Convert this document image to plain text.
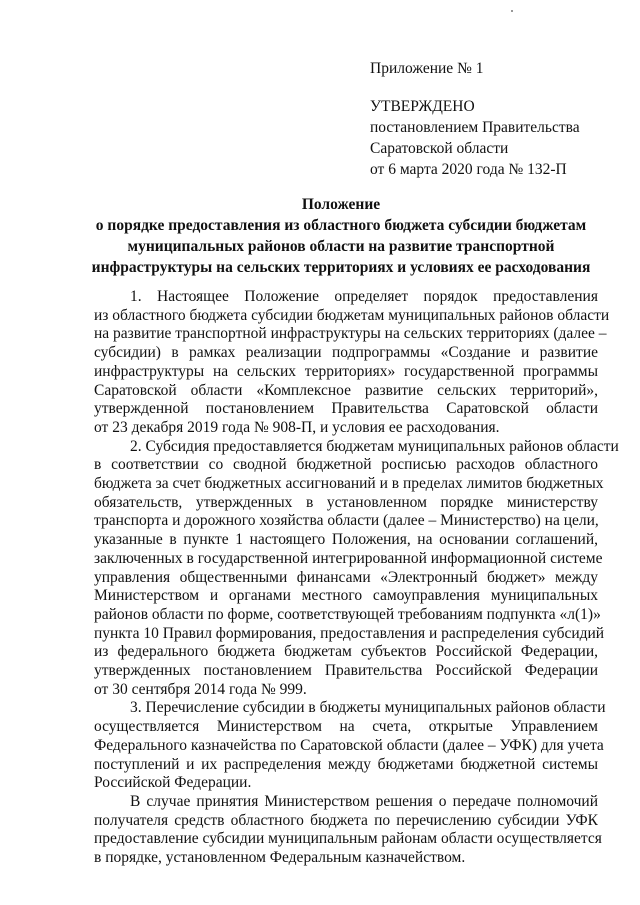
Приложение № 1
УТВЕРЖДЕНО
постановлением Правительства
Саратовской области
от 6 марта 2020 года № 132-П
Положение
о порядке предоставления из областного бюджета субсидии бюджетам
муниципальных районов области на развитие транспортной
инфраструктуры на сельских территориях и условиях ее расходования
1. Настоящее Положение определяет порядок предоставления
из областного бюджета субсидии бюджетам муниципальных районов области
на развитие транспортной инфраструктуры на сельских территориях (далее –
субсидии) в рамках реализации подпрограммы «Создание и развитие
инфраструктуры на сельских территориях» государственной программы
Саратовской области «Комплексное развитие сельских территорий»,
утвержденной постановлением Правительства Саратовской области
от 23 декабря 2019 года № 908-П, и условия ее расходования.
2. Субсидия предоставляется бюджетам муниципальных районов области
в соответствии со сводной бюджетной росписью расходов областного
бюджета за счет бюджетных ассигнований и в пределах лимитов бюджетных
обязательств, утвержденных в установленном порядке министерству
транспорта и дорожного хозяйства области (далее – Министерство) на цели,
указанные в пункте 1 настоящего Положения, на основании соглашений,
заключенных в государственной интегрированной информационной системе
управления общественными финансами «Электронный бюджет» между
Министерством и органами местного самоуправления муниципальных
районов области по форме, соответствующей требованиям подпункта «л(1)»
пункта 10 Правил формирования, предоставления и распределения субсидий
из федерального бюджета бюджетам субъектов Российской Федерации,
утвержденных постановлением Правительства Российской Федерации
от 30 сентября 2014 года № 999.
3. Перечисление субсидии в бюджеты муниципальных районов области
осуществляется Министерством на счета, открытые Управлением
Федерального казначейства по Саратовской области (далее – УФК) для учета
поступлений и их распределения между бюджетами бюджетной системы
Российской Федерации.
В случае принятия Министерством решения о передаче полномочий
получателя средств областного бюджета по перечислению субсидии УФК
предоставление субсидии муниципальным районам области осуществляется
в порядке, установленном Федеральным казначейством.
